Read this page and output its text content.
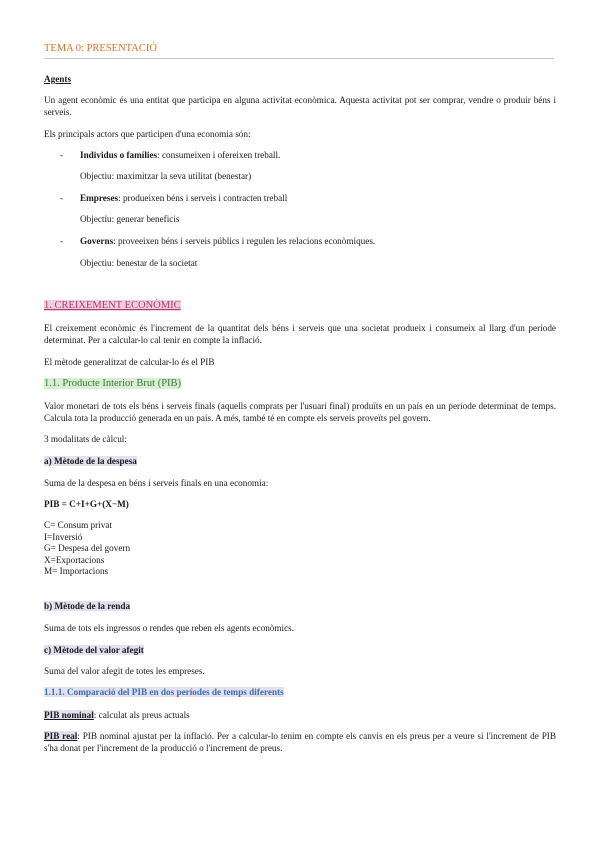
TEMA 0: PRESENTACIÓ

Agents

Un agent econòmic és una entitat que participa en alguna activitat econòmica. Aquesta activitat pot ser comprar, vendre o produir béns i serveis.

Els principals actors que participen d'una economia són:

- Individus o famílies: consumeixen i ofereixen treball.

Objectiu: maximitzar la seva utilitat (benestar)

- Empreses: produeixen béns i serveis i contracten treball

Objectiu: generar beneficis

- Governs: proveeixen béns i serveis públics i regulen les relacions econòmiques.

Objectiu: benestar de la societat

1. CREIXEMENT ECONÒMIC

El creixement econòmic és l'increment de la quantitat dels béns i serveis que una societat produeix i consumeix al llarg d'un període determinat. Per a calcular-lo cal tenir en compte la inflació.

El mètode generalitzat de calcular-lo és el PIB

1.1. Producte Interior Brut (PIB)

Valor monetari de tots els béns i serveis finals (aquells comprats per l'usuari final) produïts en un país en un període determinat de temps. Calcula tota la producció generada en un país. A més, també té en compte els serveis proveïts pel govern.

3 modalitats de càlcul:

a) Mètode de la despesa

Suma de la despesa en béns i serveis finals en una economia:

PIB = C+I+G+(X−M)

C= Consum privat
I=Inversió
G= Despesa del govern
X=Exportacions
M= Importacions

b) Mètode de la renda

Suma de tots els ingressos o rendes que reben els agents econòmics.

c) Mètode del valor afegit

Suma del valor afegit de totes les empreses.

1.1.1. Comparació del PIB en dos períodes de temps diferents

PIB nominal: calculat als preus actuals

PIB real: PIB nominal ajustat per la inflació. Per a calcular-lo tenim en compte els canvis en els preus per a veure si l'increment de PIB s'ha donat per l'increment de la producció o l'increment de preus.
